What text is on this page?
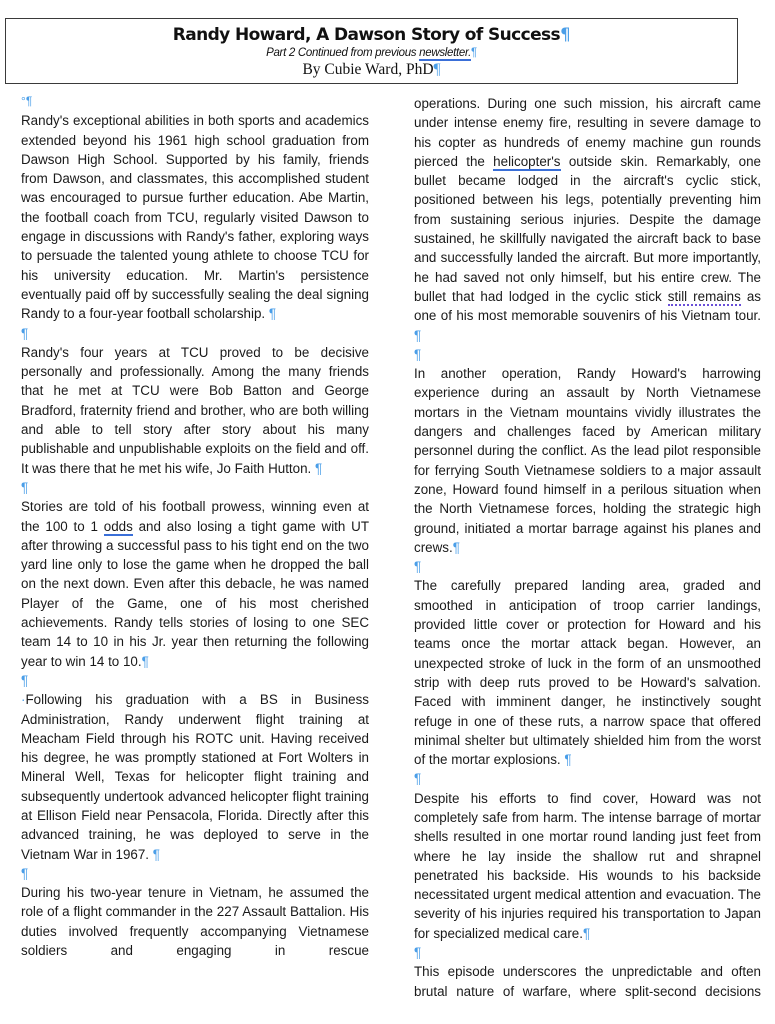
Randy Howard, A Dawson Story of Success¶
Part 2 Continued from previous newsletter.¶
By Cubie Ward, PhD¶

°¶

Randy's exceptional abilities in both sports and academics extended beyond his 1961 high school graduation from Dawson High School. Supported by his family, friends from Dawson, and classmates, this accomplished student was encouraged to pursue further education. Abe Martin, the football coach from TCU, regularly visited Dawson to engage in discussions with Randy's father, exploring ways to persuade the talented young athlete to choose TCU for his university education. Mr. Martin's persistence eventually paid off by successfully sealing the deal signing Randy to a four-year football scholarship. ¶

¶

Randy's four years at TCU proved to be decisive personally and professionally. Among the many friends that he met at TCU were Bob Batton and George Bradford, fraternity friend and brother, who are both willing and able to tell story after story about his many publishable and unpublishable exploits on the field and off. It was there that he met his wife, Jo Faith Hutton. ¶

¶

Stories are told of his football prowess, winning even at the 100 to 1 odds and also losing a tight game with UT after throwing a successful pass to his tight end on the two yard line only to lose the game when he dropped the ball on the next down. Even after this debacle, he was named Player of the Game, one of his most cherished achievements. Randy tells stories of losing to one SEC team 14 to 10 in his Jr. year then returning the following year to win 14 to 10.¶

¶

·Following his graduation with a BS in Business Administration, Randy underwent flight training at Meacham Field through his ROTC unit. Having received his degree, he was promptly stationed at Fort Wolters in Mineral Well, Texas for helicopter flight training and subsequently undertook advanced helicopter flight training at Ellison Field near Pensacola, Florida. Directly after this advanced training, he was deployed to serve in the Vietnam War in 1967. ¶

¶

During his two-year tenure in Vietnam, he assumed the role of a flight commander in the 227 Assault Battalion. His duties involved frequently accompanying Vietnamese soldiers and engaging in rescue

operations. During one such mission, his aircraft came under intense enemy fire, resulting in severe damage to his copter as hundreds of enemy machine gun rounds pierced the helicopter's outside skin. Remarkably, one bullet became lodged in the aircraft's cyclic stick, positioned between his legs, potentially preventing him from sustaining serious injuries. Despite the damage sustained, he skillfully navigated the aircraft back to base and successfully landed the aircraft. But more importantly, he had saved not only himself, but his entire crew. The bullet that had lodged in the cyclic stick still remains as one of his most memorable souvenirs of his Vietnam tour. ¶

¶

In another operation, Randy Howard's harrowing experience during an assault by North Vietnamese mortars in the Vietnam mountains vividly illustrates the dangers and challenges faced by American military personnel during the conflict. As the lead pilot responsible for ferrying South Vietnamese soldiers to a major assault zone, Howard found himself in a perilous situation when the North Vietnamese forces, holding the strategic high ground, initiated a mortar barrage against his planes and crews.¶

¶

The carefully prepared landing area, graded and smoothed in anticipation of troop carrier landings, provided little cover or protection for Howard and his teams once the mortar attack began. However, an unexpected stroke of luck in the form of an unsmoothed strip with deep ruts proved to be Howard's salvation. Faced with imminent danger, he instinctively sought refuge in one of these ruts, a narrow space that offered minimal shelter but ultimately shielded him from the worst of the mortar explosions. ¶

¶

Despite his efforts to find cover, Howard was not completely safe from harm. The intense barrage of mortar shells resulted in one mortar round landing just feet from where he lay inside the shallow rut and shrapnel penetrated his backside. His wounds to his backside necessitated urgent medical attention and evacuation. The severity of his injuries required his transportation to Japan for specialized medical care.¶

¶

This episode underscores the unpredictable and often brutal nature of warfare, where split-second decisions
